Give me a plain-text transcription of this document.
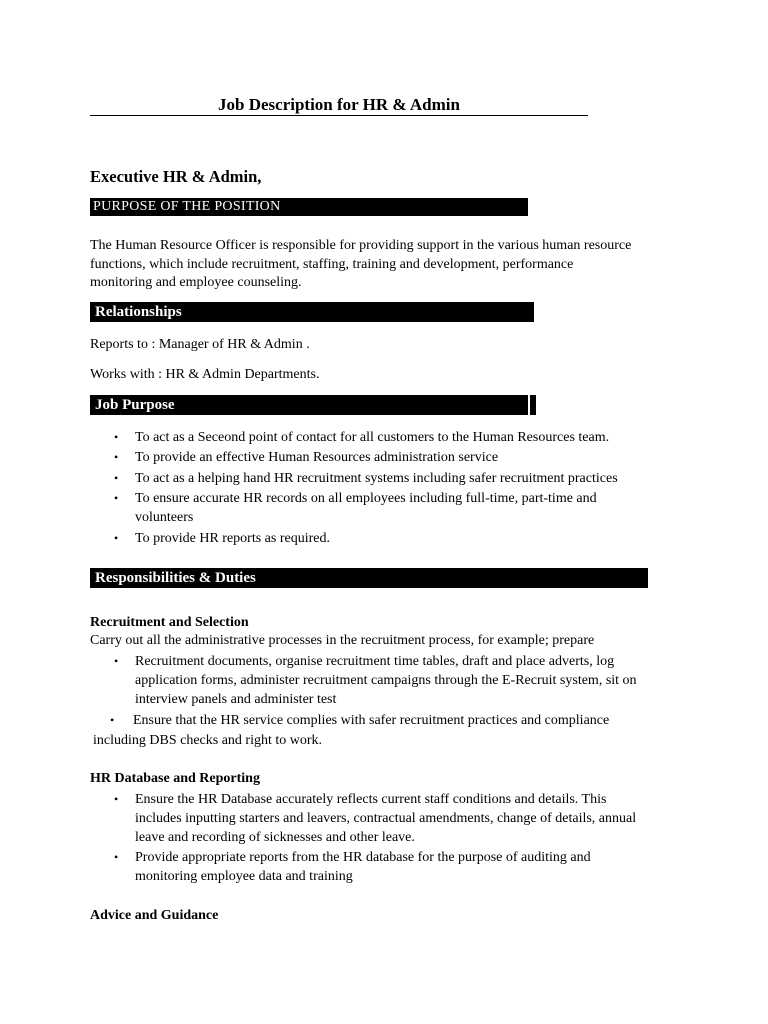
Job Description for HR & Admin
Executive HR & Admin,
PURPOSE OF THE POSITION
The Human Resource Officer is responsible for providing support in the various human resource
functions, which include recruitment, staffing, training and development, performance
monitoring and employee counseling.
Relationships
Reports to : Manager of HR & Admin .
Works with : HR & Admin Departments.
Job Purpose
• To act as a Seceond point of contact for all customers to the Human Resources team.
• To provide an effective Human Resources administration service
• To act as a helping hand HR recruitment systems including safer recruitment practices
• To ensure accurate HR records on all employees including full-time, part-time and
volunteers
• To provide HR reports as required.
Responsibilities & Duties
Recruitment and Selection
Carry out all the administrative processes in the recruitment process, for example; prepare
• Recruitment documents, organise recruitment time tables, draft and place adverts, log
application forms, administer recruitment campaigns through the E-Recruit system, sit on
interview panels and administer test
• Ensure that the HR service complies with safer recruitment practices and compliance
including DBS checks and right to work.
HR Database and Reporting
• Ensure the HR Database accurately reflects current staff conditions and details. This
includes inputting starters and leavers, contractual amendments, change of details, annual
leave and recording of sicknesses and other leave.
• Provide appropriate reports from the HR database for the purpose of auditing and
monitoring employee data and training
Advice and Guidance
